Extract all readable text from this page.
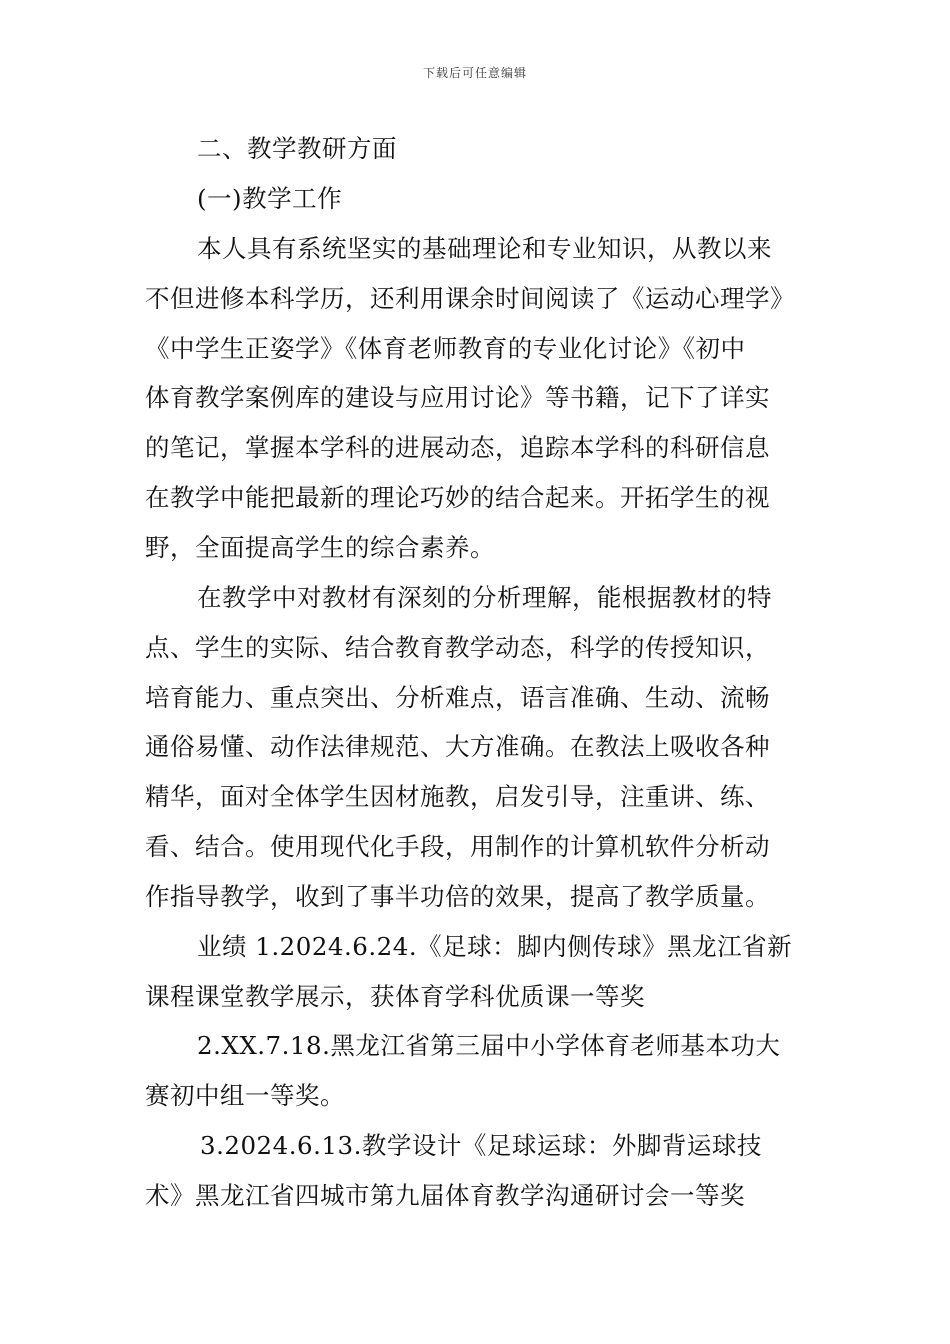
下载后可任意编辑
二、教学教研方面
(一)教学工作
本人具有系统坚实的基础理论和专业知识，从教以来
不但进修本科学历，还利用课余时间阅读了《运动心理学》
《中学生正姿学》《体育老师教育的专业化讨论》《初中
体育教学案例库的建设与应用讨论》等书籍，记下了详实
的笔记，掌握本学科的进展动态，追踪本学科的科研信息
在教学中能把最新的理论巧妙的结合起来。开拓学生的视
野，全面提高学生的综合素养。
在教学中对教材有深刻的分析理解，能根据教材的特
点、学生的实际、结合教育教学动态，科学的传授知识，
培育能力、重点突出、分析难点，语言准确、生动、流畅
通俗易懂、动作法律规范、大方准确。在教法上吸收各种
精华，面对全体学生因材施教，启发引导，注重讲、练、
看、结合。使用现代化手段，用制作的计算机软件分析动
作指导教学，收到了事半功倍的效果，提高了教学质量。
业绩 1.2024.6.24.《足球：脚内侧传球》黑龙江省新
课程课堂教学展示，获体育学科优质课一等奖
2.XX.7.18.黑龙江省第三届中小学体育老师基本功大
赛初中组一等奖。
3.2024.6.13.教学设计《足球运球：外脚背运球技
术》黑龙江省四城市第九届体育教学沟通研讨会一等奖
